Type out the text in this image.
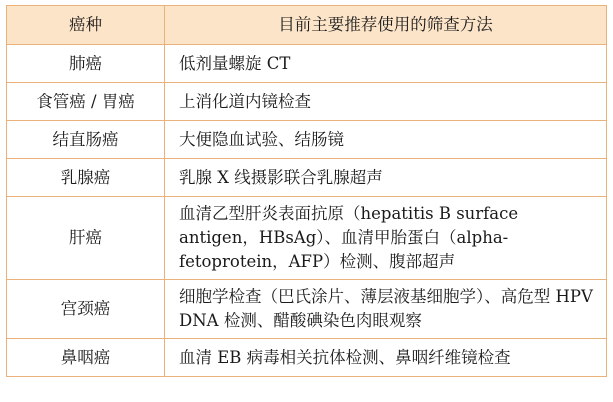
癌种	目前主要推荐使用的筛查方法
肺癌	低剂量螺旋 CT
食管癌 / 胃癌	上消化道内镜检查
结直肠癌	大便隐血试验、结肠镜
乳腺癌	乳腺 X 线摄影联合乳腺超声
肝癌	血清乙型肝炎表面抗原（hepatitis B surface antigen，HBsAg）、血清甲胎蛋白（alpha-fetoprotein，AFP）检测、腹部超声
宫颈癌	细胞学检查（巴氏涂片、薄层液基细胞学）、高危型 HPV DNA 检测、醋酸碘染色肉眼观察
鼻咽癌	血清 EB 病毒相关抗体检测、鼻咽纤维镜检查
